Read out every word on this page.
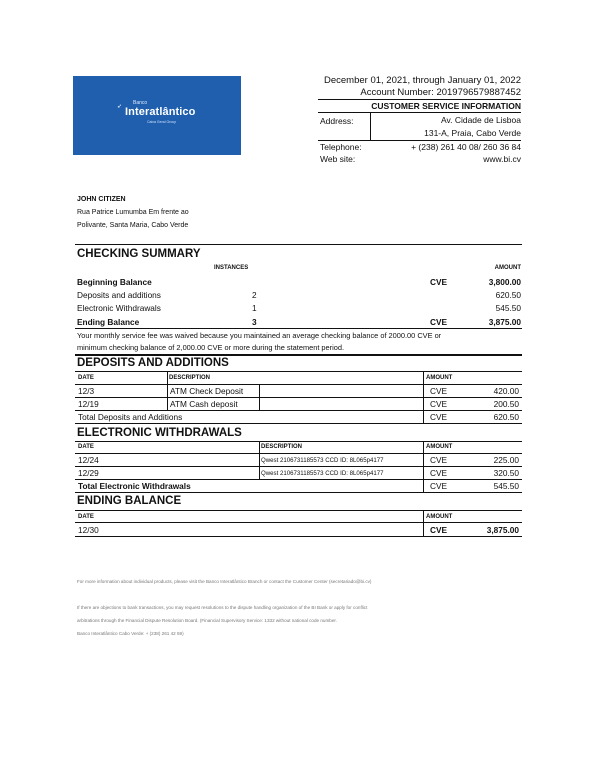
➶
Banco
Interatlântico
Caixa Geral Group
December 01, 2021, through January 01, 2022
Account Number: 2019796579887452
CUSTOMER SERVICE INFORMATION
Address:	Av. Cidade de Lisboa
131-A, Praia, Cabo Verde
Telephone:	+ (238) 261 40 08/ 260 36 84
Web site:	www.bi.cv
JOHN CITIZEN
Rua Patrice Lumumba Em frente ao
Polivante, Santa Maria, Cabo Verde
CHECKING SUMMARY
INSTANCES	AMOUNT
Beginning Balance	CVE	3,800.00
Deposits and additions	2	620.50
Electronic Withdrawals	1	545.50
Ending Balance	3	CVE	3,875.00
Your monthly service fee was waived because you maintained an average checking balance of 2000.00 CVE or
minimum checking balance of 2,000.00 CVE or more during the statement period.
DEPOSITS AND ADDITIONS
DATE	DESCRIPTION	AMOUNT
12/3	ATM Check Deposit	CVE	420.00
12/19	ATM Cash deposit	CVE	200.50
Total Deposits and Additions	CVE	620.50
ELECTRONIC WITHDRAWALS
DATE	DESCRIPTION	AMOUNT
12/24	Qwest 2106731185573 CCD ID: 8L065p4177	CVE	225.00
12/29	Qwest 2106731185573 CCD ID: 8L065p4177	CVE	320.50
Total Electronic Withdrawals	CVE	545.50
ENDING BALANCE
DATE	AMOUNT
12/30	CVE	3,875.00
For more information about individual products, please visit the Banco Interatlântico Branch or contact the Customer Center (secretariado@bi.cv)
If there are objections to bank transactions, you may request resolutions to the dispute handling organization of the BI Bank or apply for conflict
arbitrations through the Financial Dispute Resolution Board. (Financial Supervisory Service: 1332 without national code number.
Banco Interatlântico Cabo Verde: + (238) 261 42 59)
